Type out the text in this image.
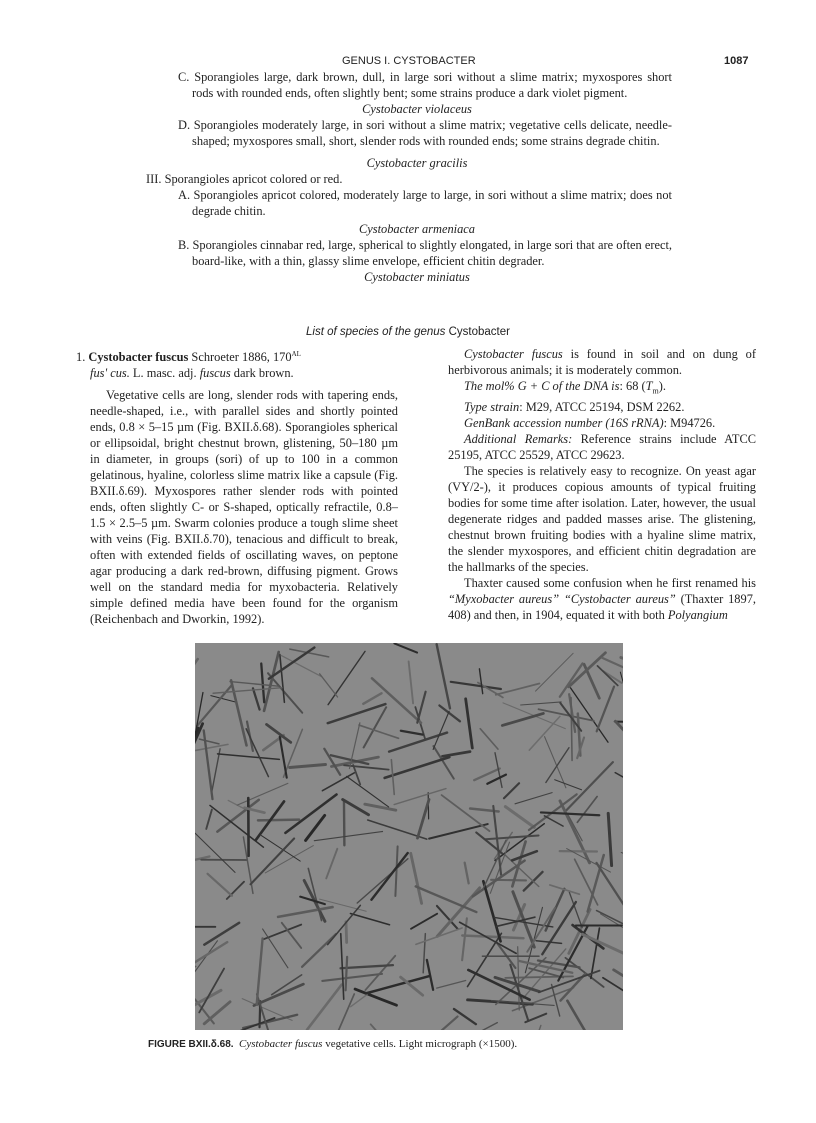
GENUS I. CYSTOBACTER	1087
C. Sporangioles large, dark brown, dull, in large sori without a slime matrix; myxospores short rods with rounded ends, often slightly bent; some strains produce a dark violet pigment.
Cystobacter violaceus
D. Sporangioles moderately large, in sori without a slime matrix; vegetative cells delicate, needle-shaped; myxospores small, short, slender rods with rounded ends; some strains degrade chitin.
Cystobacter gracilis
III. Sporangioles apricot colored or red.
A. Sporangioles apricot colored, moderately large to large, in sori without a slime matrix; does not degrade chitin.
Cystobacter armeniaca
B. Sporangioles cinnabar red, large, spherical to slightly elongated, in large sori that are often erect, board-like, with a thin, glassy slime envelope, efficient chitin degrader.
Cystobacter miniatus
List of species of the genus Cystobacter
1. Cystobacter fuscus Schroeter 1886, $170^{AL}$
fus' cus. L. masc. adj. fuscus dark brown.

Vegetative cells are long, slender rods with tapering ends, needle-shaped, i.e., with parallel sides and shortly pointed ends, 0.8 × 5–15 µm (Fig. BXII.δ.68). Sporangioles spherical or ellipsoidal, bright chestnut brown, glistening, 50–180 µm in diameter, in groups (sori) of up to 100 in a common gelatinous, hyaline, colorless slime matrix like a capsule (Fig. BXII.δ.69). Myxospores rather slender rods with pointed ends, often slightly C- or S-shaped, optically refractile, 0.8–1.5 × 2.5–5 µm. Swarm colonies produce a tough slime sheet with veins (Fig. BXII.δ.70), tenacious and difficult to break, often with extended fields of oscillating waves, on peptone agar producing a dark red-brown, diffusing pigment. Grows well on the standard media for myxobacteria. Relatively simple defined media have been found for the organism (Reichenbach and Dworkin, 1992).

Cystobacter fuscus is found in soil and on dung of herbivorous animals; it is moderately common.

The mol% G + C of the DNA is: 68 $(T_m)$.

Type strain: M29, ATCC 25194, DSM 2262.

GenBank accession number (16S rRNA): M94726.

Additional Remarks: Reference strains include ATCC 25195, ATCC 25529, ATCC 29623.

The species is relatively easy to recognize. On yeast agar (VY/2-), it produces copious amounts of typical fruiting bodies for some time after isolation. Later, however, the usual degenerate ridges and padded masses arise. The glistening, chestnut brown fruiting bodies with a hyaline slime matrix, the slender myxospores, and efficient chitin degradation are the hallmarks of the species.

Thaxter caused some confusion when he first renamed his “Myxobacter aureus” “Cystobacter aureus” (Thaxter 1897, 408) and then, in 1904, equated it with both Polyangium

FIGURE BXII.δ.68. Cystobacter fuscus vegetative cells. Light micrograph (×1500).
